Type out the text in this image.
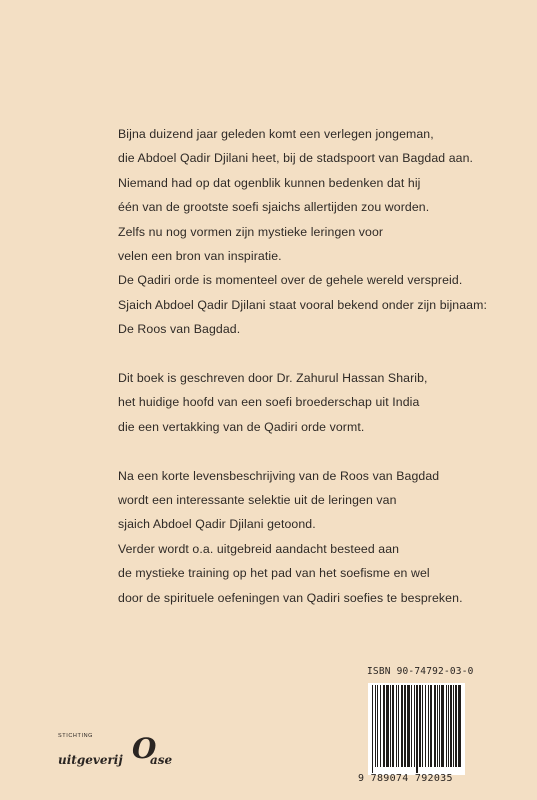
Bijna duizend jaar geleden komt een verlegen jongeman,
die Abdoel Qadir Djilani heet, bij de stadspoort van Bagdad aan.
Niemand had op dat ogenblik kunnen bedenken dat hij
één van de grootste soefi sjaichs allertijden zou worden.
Zelfs nu nog vormen zijn mystieke leringen voor
velen een bron van inspiratie.
De Qadiri orde is momenteel over de gehele wereld verspreid.
Sjaich Abdoel Qadir Djilani staat vooral bekend onder zijn bijnaam:
De Roos van Bagdad.

Dit boek is geschreven door Dr. Zahurul Hassan Sharib,
het huidige hoofd van een soefi broederschap uit India
die een vertakking van de Qadiri orde vormt.

Na een korte levensbeschrijving van de Roos van Bagdad
wordt een interessante selektie uit de leringen van
sjaich Abdoel Qadir Djilani getoond.
Verder wordt o.a. uitgebreid aandacht besteed aan
de mystieke training op het pad van het soefisme en wel
door de spirituele oefeningen van Qadiri soefies te bespreken.

ISBN 90-74792-03-0
9 789074 792035
STICHTING
uitgeverij O
ase
